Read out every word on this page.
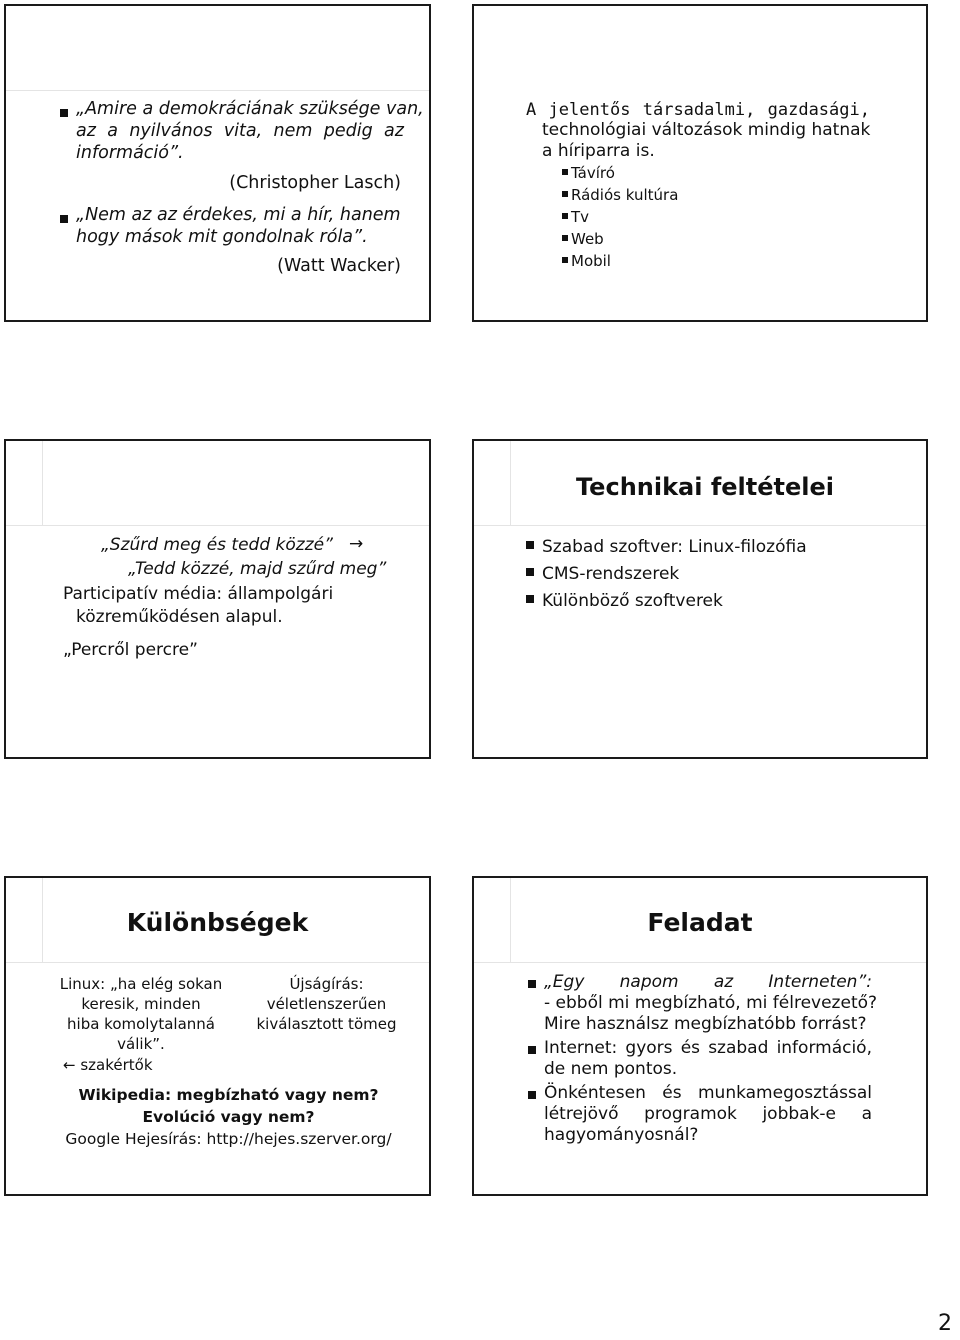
„Amire a demokráciának szüksége van,
az a nyilvános vita, nem pedig az
információ”.
(Christopher Lasch)
„Nem az az érdekes, mi a hír, hanem
hogy mások mit gondolnak róla”.
(Watt Wacker)
A jelentős társadalmi, gazdasági,
technológiai változások mindig hatnak
a híriparra is.
Távíró
Rádiós kultúra
Tv
Web
Mobil
„Szűrd meg és tedd közzé” →
„Tedd közzé, majd szűrd meg”
Participatív média: állampolgári
közreműködésen alapul.
„Percről percre”
Technikai feltételei
Szabad szoftver: Linux-filozófia
CMS-rendszerek
Különböző szoftverek
Különbségek
Linux: „ha elég sokan
keresik, minden
hiba komolytalanná
válik”.
← szakértők
Újságírás:
véletlenszerűen
kiválasztott tömeg
Wikipedia: megbízható vagy nem?
Evolúció vagy nem?
Google Hejesírás: http://hejes.szerver.org/
Feladat
„Egy napom az Interneten”:
- ebből mi megbízható, mi félrevezető?
Mire használsz megbízhatóbb forrást?
Internet: gyors és szabad információ,
de nem pontos.
Önkéntesen és munkamegosztással
létrejövő programok jobbak-e a
hagyományosnál?
2
